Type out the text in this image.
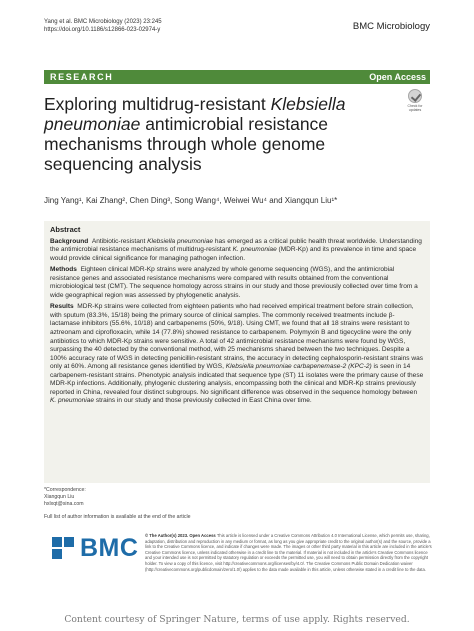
Yang et al. BMC Microbiology (2023) 23:245
https://doi.org/10.1186/s12866-023-02974-y	BMC Microbiology
RESEARCH	Open Access
Check for updates
Exploring multidrug-resistant Klebsiella pneumoniae antimicrobial resistance mechanisms through whole genome sequencing analysis
Jing Yang¹, Kai Zhang², Chen Ding³, Song Wang⁴, Weiwei Wu⁴ and Xiangqun Liu¹*
Abstract

Background Antibiotic-resistant Klebsiella pneumoniae has emerged as a critical public health threat worldwide. Understanding the antimicrobial resistance mechanisms of multidrug-resistant K. pneumoniae (MDR-Kp) and its prevalence in time and space would provide clinical significance for managing pathogen infection.

Methods Eighteen clinical MDR-Kp strains were analyzed by whole genome sequencing (WGS), and the antimicrobial resistance genes and associated resistance mechanisms were compared with results obtained from the conventional microbiological test (CMT). The sequence homology across strains in our study and those previously collected over time from a wide geographical region was assessed by phylogenetic analysis.

Results MDR-Kp strains were collected from eighteen patients who had received empirical treatment before strain collection, with sputum (83.3%, 15/18) being the primary source of clinical samples. The commonly received treatments include β-lactamase inhibitors (55.6%, 10/18) and carbapenems (50%, 9/18). Using CMT, we found that all 18 strains were resistant to aztreonam and ciprofloxacin, while 14 (77.8%) showed resistance to carbapenem. Polymyxin B and tigecycline were the only antibiotics to which MDR-Kp strains were sensitive. A total of 42 antimicrobial resistance mechanisms were found by WGS, surpassing the 40 detected by the conventional method, with 25 mechanisms shared between the two techniques. Despite a 100% accuracy rate of WGS in detecting penicillin-resistant strains, the accuracy in detecting cephalosporin-resistant strains was only at 60%. Among all resistance genes identified by WGS, Klebsiella pneumoniae carbapenemase-2 (KPC-2) is seen in 14 carbapenem-resistant strains. Phenotypic analysis indicated that sequence type (ST) 11 isolates were the primary cause of these MDR-Kp infections. Additionally, phylogenic clustering analysis, encompassing both the clinical and MDR-Kp strains previously reported in China, revealed four distinct subgroups. No significant difference was observed in the sequence homology between K. pneumoniae strains in our study and those previously collected in East China over time.

*Correspondence:
Xiangqun Liu
hxlxqt@sina.com
Full list of author information is available at the end of the article
BMC © The Author(s) 2023. Open Access This article is licensed under a Creative Commons Attribution 4.0 International License, which permits use, sharing, adaptation, distribution and reproduction in any medium or format, as long as you give appropriate credit to the original author(s) and the source, provide a link to the Creative Commons licence, and indicate if changes were made. The images or other third party material in this article are included in the article's Creative Commons licence, unless indicated otherwise in a credit line to the material. If material is not included in the article's Creative Commons licence and your intended use is not permitted by statutory regulation or exceeds the permitted use, you will need to obtain permission directly from the copyright holder. To view a copy of this licence, visit http://creativecommons.org/licenses/by/4.0/. The Creative Commons Public Domain Dedication waiver (http://creativecommons.org/publicdomain/zero/1.0/) applies to the data made available in this article, unless otherwise stated in a credit line to the data.
Content courtesy of Springer Nature, terms of use apply. Rights reserved.
